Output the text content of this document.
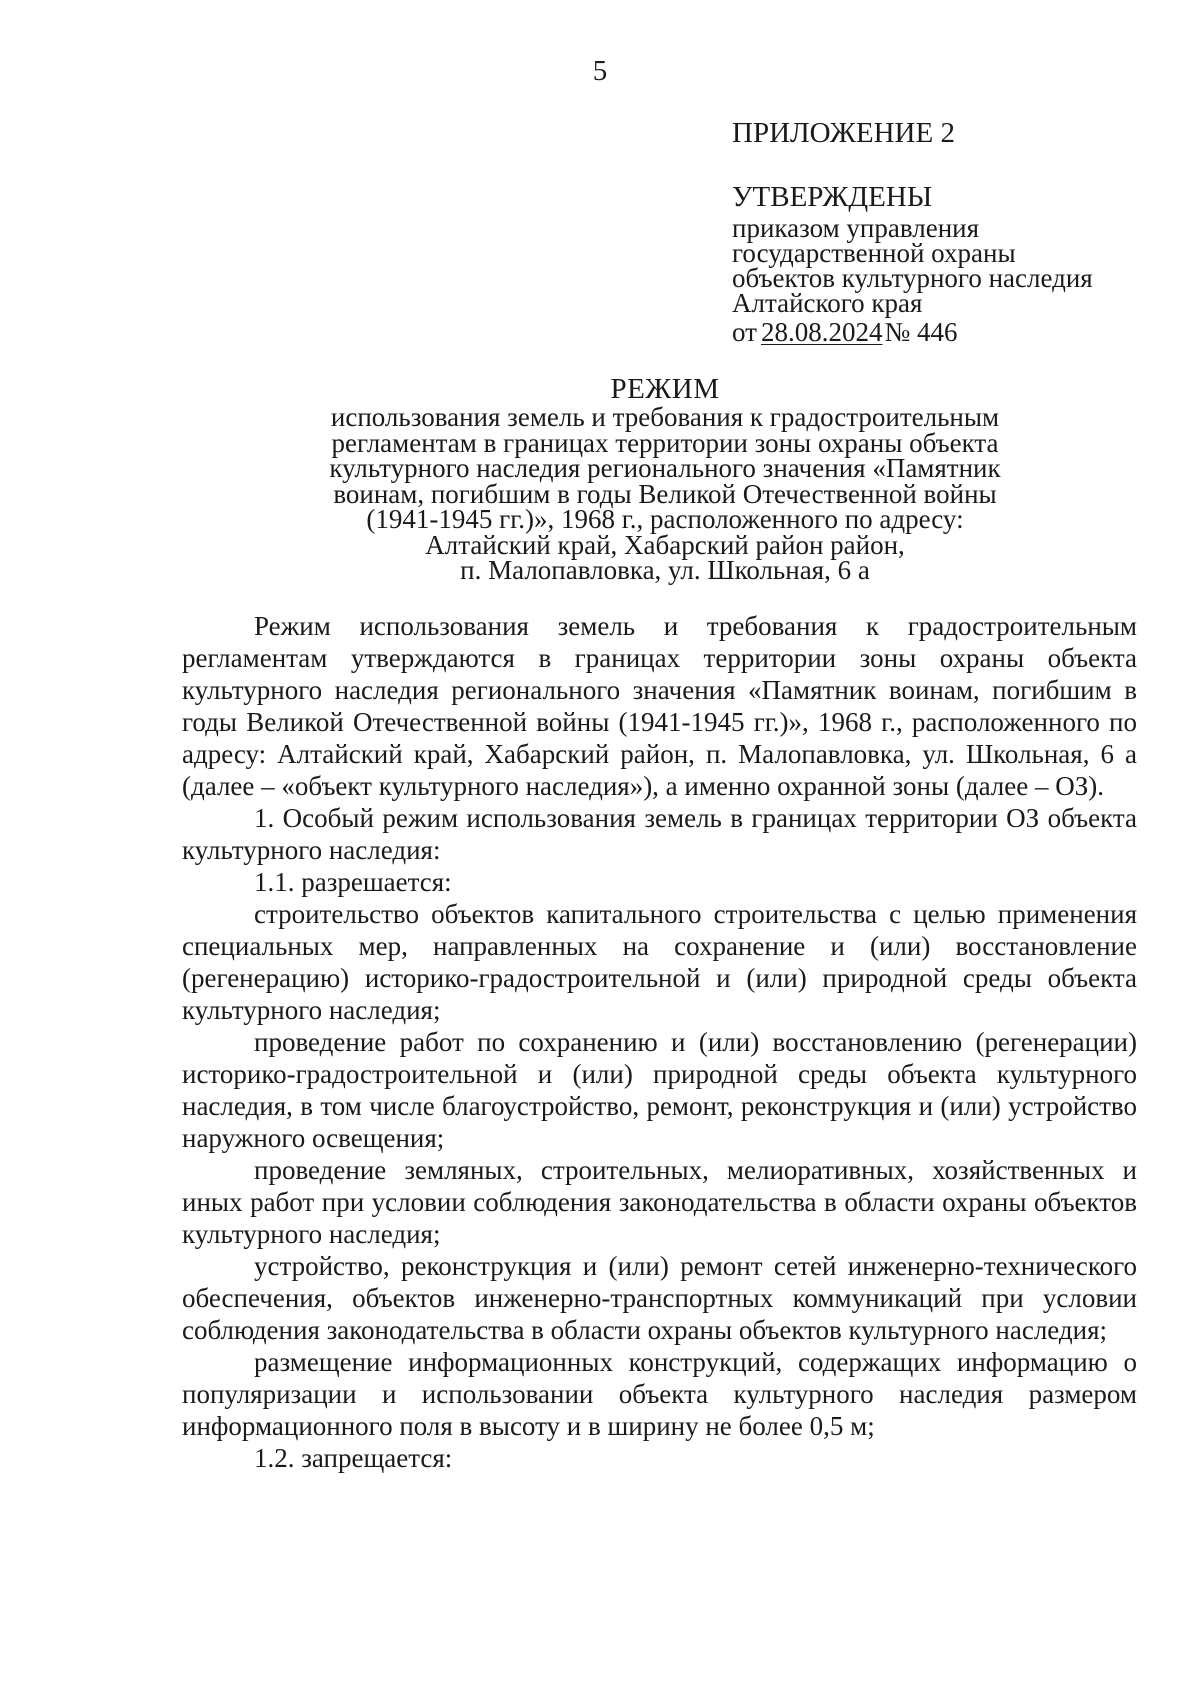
5
ПРИЛОЖЕНИЕ 2
УТВЕРЖДЕНЫ
приказом управления
государственной охраны
объектов культурного наследия
Алтайского края
от 28.08.2024№ 446
РЕЖИМ
использования земель и требования к градостроительным
регламентам в границах территории зоны охраны объекта
культурного наследия регионального значения «Памятник
воинам, погибшим в годы Великой Отечественной войны
(1941-1945 гг.)», 1968 г., расположенного по адресу:
Алтайский край, Хабарский район район,
п. Малопавловка, ул. Школьная, 6 а

Режим использования земель и требования к градостроительным регламентам утверждаются в границах территории зоны охраны объекта культурного наследия регионального значения «Памятник воинам, погибшим в годы Великой Отечественной войны (1941-1945 гг.)», 1968 г., расположенного по адресу: Алтайский край, Хабарский район, п. Малопавловка, ул. Школьная, 6 а (далее – «объект культурного наследия»), а именно охранной зоны (далее – ОЗ).

1. Особый режим использования земель в границах территории ОЗ объекта культурного наследия:

1.1. разрешается:

строительство объектов капитального строительства с целью применения специальных мер, направленных на сохранение и (или) восстановление (регенерацию) историко-градостроительной и (или) природной среды объекта культурного наследия;

проведение работ по сохранению и (или) восстановлению (регенерации) историко-градостроительной и (или) природной среды объекта культурного наследия, в том числе благоустройство, ремонт, реконструкция и (или) устройство наружного освещения;

проведение земляных, строительных, мелиоративных, хозяйственных и иных работ при условии соблюдения законодательства в области охраны объектов культурного наследия;

устройство, реконструкция и (или) ремонт сетей инженерно-технического обеспечения, объектов инженерно-транспортных коммуникаций при условии соблюдения законодательства в области охраны объектов культурного наследия;

размещение информационных конструкций, содержащих информацию о популяризации и использовании объекта культурного наследия размером информационного поля в высоту и в ширину не более 0,5 м;

1.2. запрещается:
